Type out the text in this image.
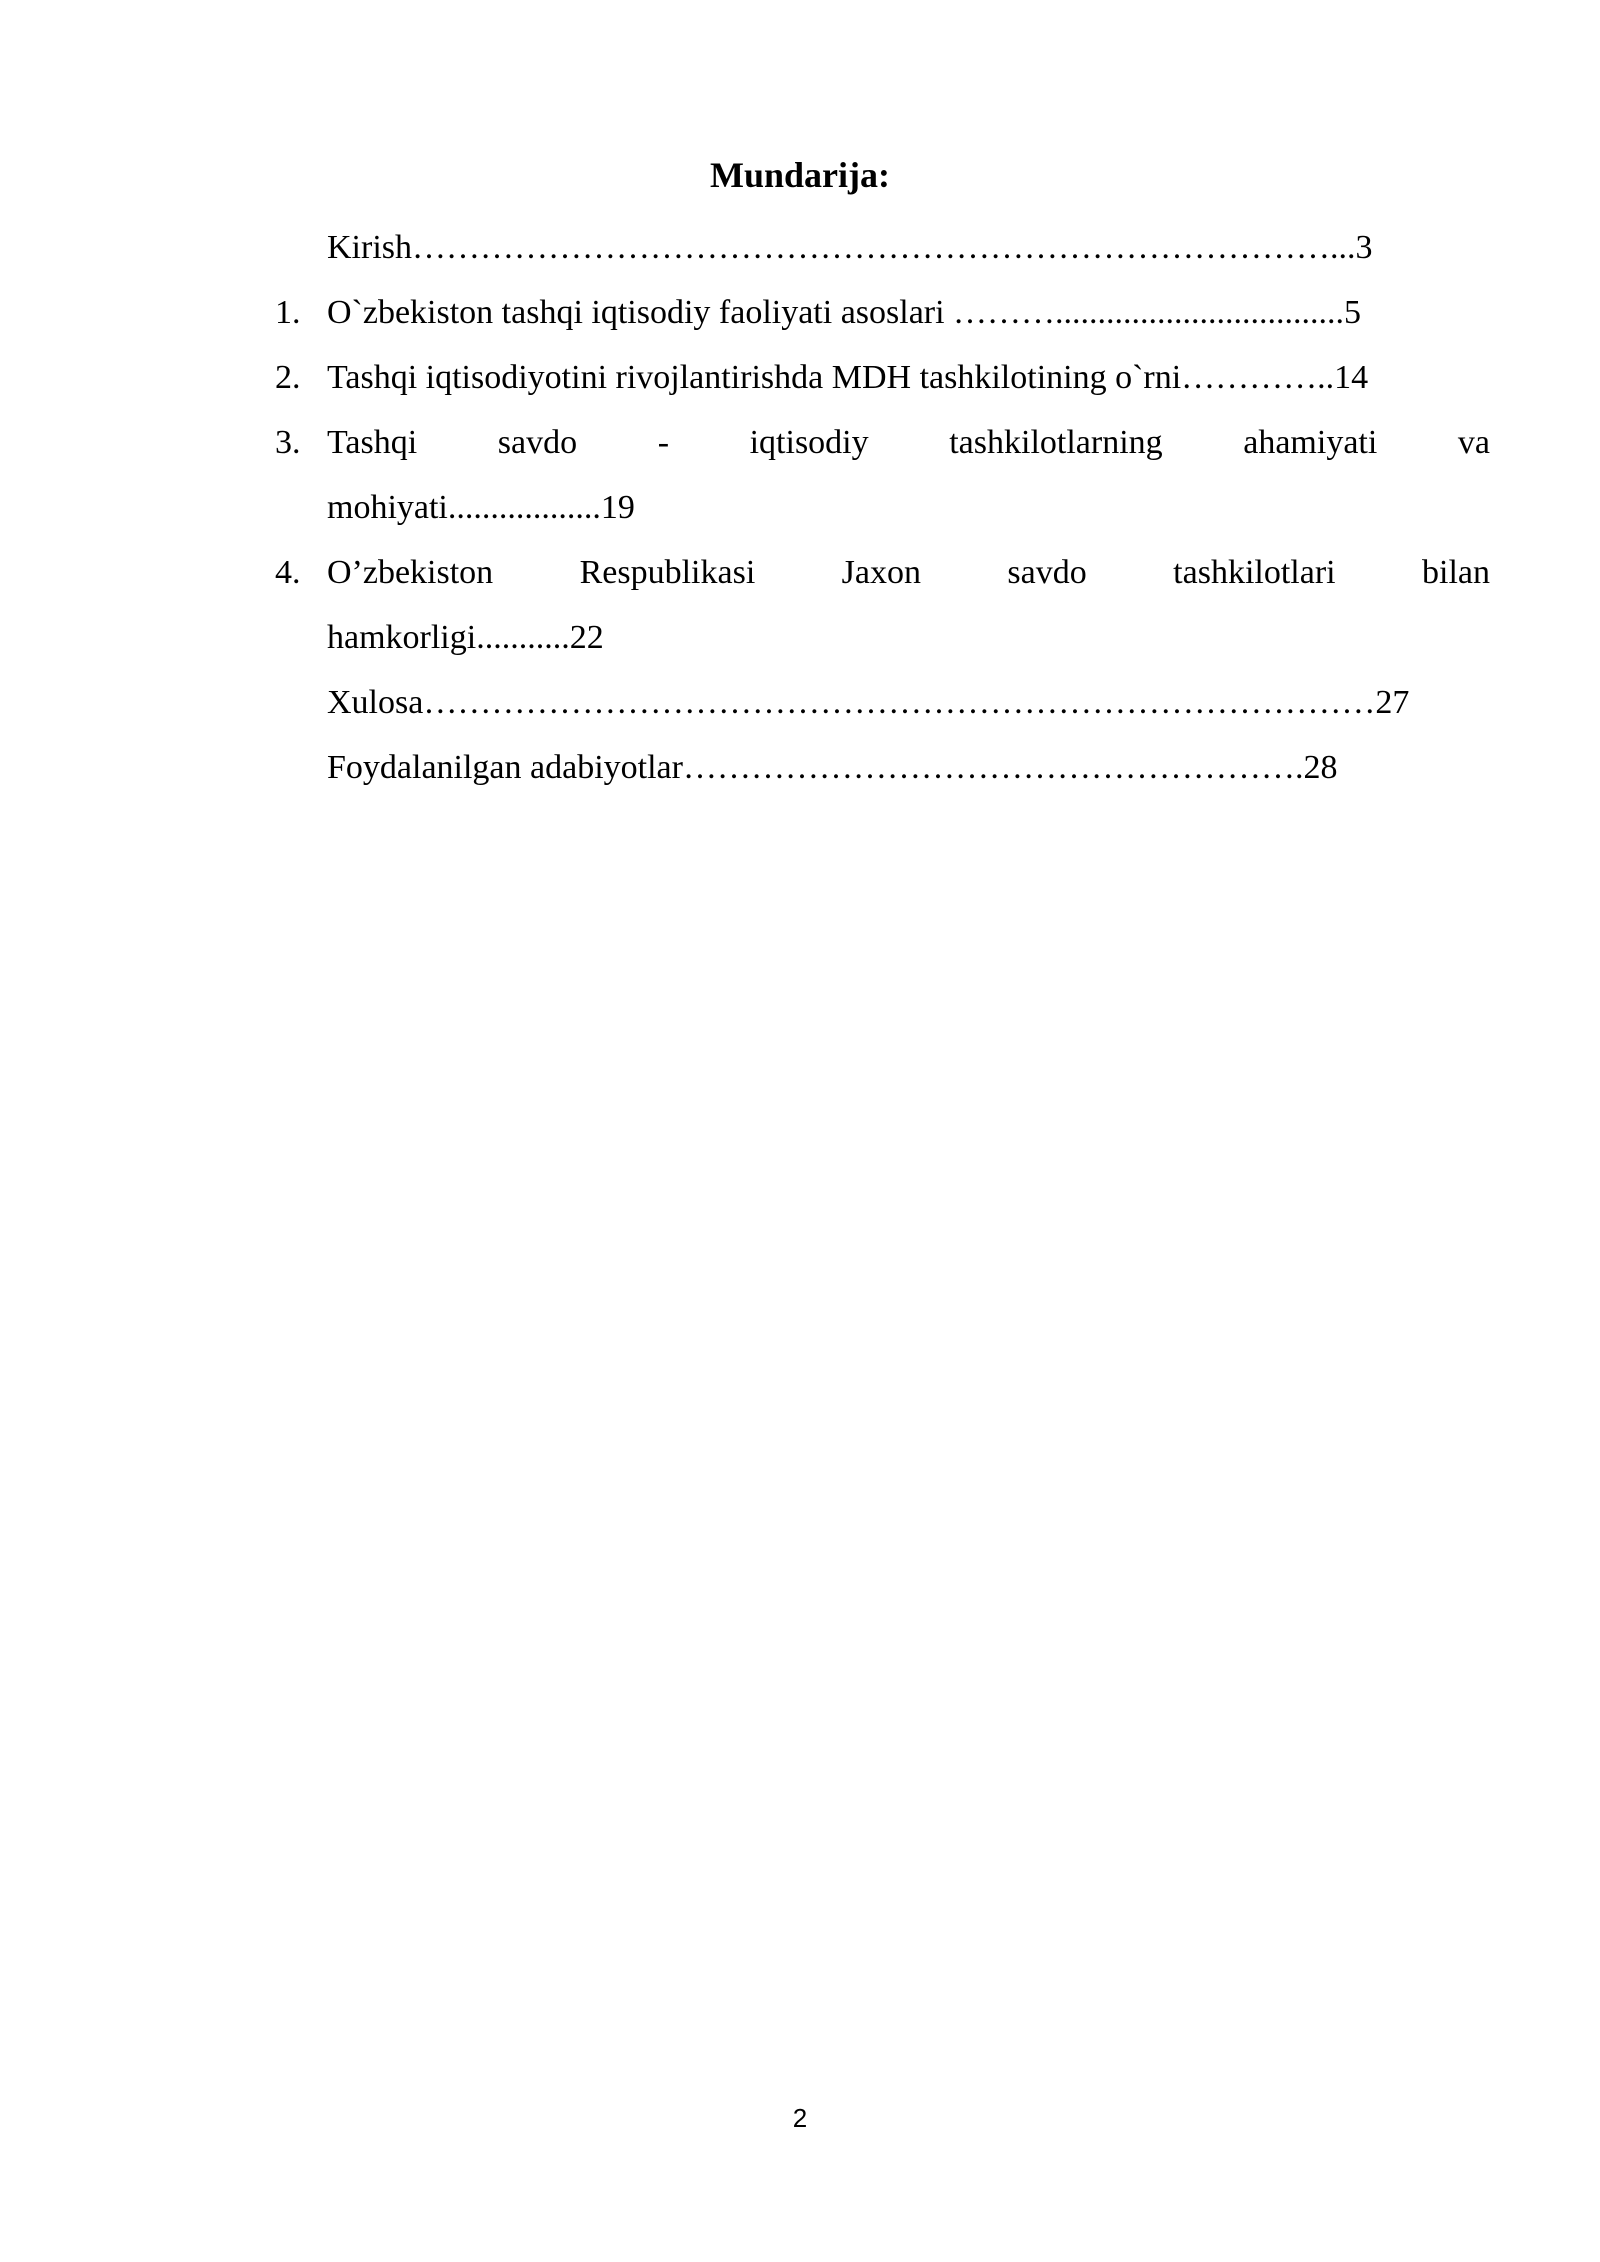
Mundarija:
Kirish………………………………………………………………………...3
1. O`zbekiston tashqi iqtisodiy faoliyati asoslari ………..................................5
2. Tashqi iqtisodiyotini rivojlantirishda MDH tashkilotining o`rni…………..14
3. Tashqi savdo - iqtisodiy tashkilotlarning ahamiyati va
mohiyati..................19
4. O’zbekiston Respublikasi Jaxon savdo tashkilotlari bilan
hamkorligi...........22
Xulosa…………………………………………………………………………27
Foydalanilgan adabiyotlar……………………………………………….28
2
